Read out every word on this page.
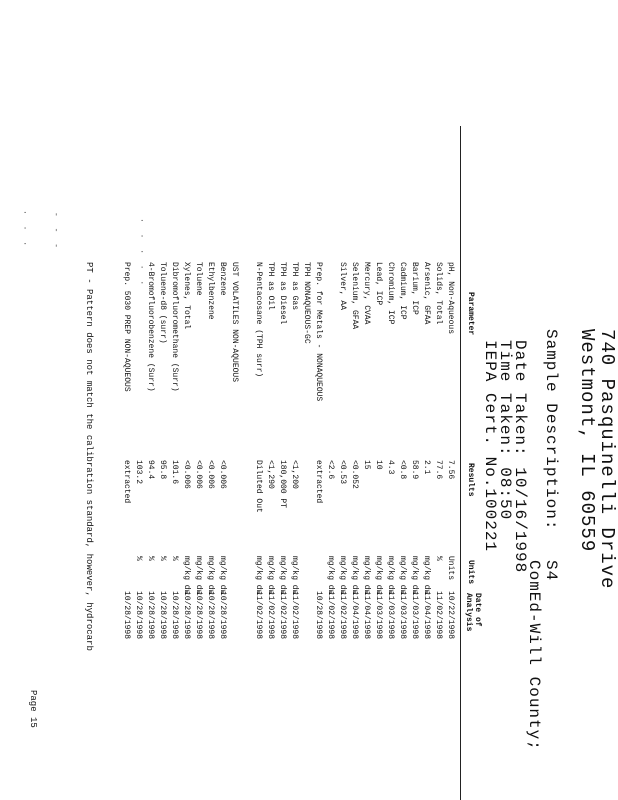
· · ·	- - -	· · · · ·
740 Pasquinelli Drive
Westmont, IL 60559
Sample Description:
S4
ComEd-Will County;
Date Taken: 10/16/1998
Time Taken: 08:50
IEPA Cert. No.100221
Parameter
Results
Units
Date of
Analysis
pH, Non-Aqueous
7.56
Units
10/22/1998
Solids, Total
77.6
%
11/02/1998
Arsenic, GFAA
2.1
mg/kg dw
11/04/1998
Barium, ICP
58.9
mg/kg dw
11/03/1998
Cadmium, ICP
<0.8
mg/kg dw
11/03/1998
Chromium, ICP
4.3
mg/kg dw
11/03/1998
Lead, ICP
10
mg/kg dw
11/03/1998
Mercury, CVAA
15
mg/kg dw
11/04/1998
Selenium, GFAA
<0.052
mg/kg dw
11/04/1998
Silver, AA
<0.53
mg/kg dw
11/02/1998
<2.6
mg/kg dw
11/02/1998
Prep. for Metals - NONAQUEOUS
extracted
10/28/1998
TPH NONAQUEOUS-GC
TPH as Gas
<1,200
mg/kg dw
11/02/1998
TPH as Diesel
180,000 PT
mg/kg dw
11/02/1998
TPH as Oil
<1,290
mg/kg dw
11/02/1998
N-Pentacosane (TPH surr)
Diluted Out
mg/kg dw
11/02/1998
UST VOLATILES NON-AQUEOUS
Benzene
<0.006
mg/kg dw
10/28/1998
Ethylbenzene
<0.006
mg/kg dw
10/28/1998
Toluene
<0.006
mg/kg dw
10/28/1998
Xylenes, Total
<0.006
mg/kg dw
10/28/1998
Dibromofluoromethane (Surr)
101.6
%
10/28/1998
Toluene-d8 (surr)
95.8
%
10/28/1998
4-Bromofluorobenzene (Surr)
94.4
%
10/28/1998
103.2
%
10/28/1998
Prep. 5030 PREP NON-AQUEOUS
extracted
10/28/1998
PT - Pattern does not match the calibration standard, however, hydrocarb
Page 15
